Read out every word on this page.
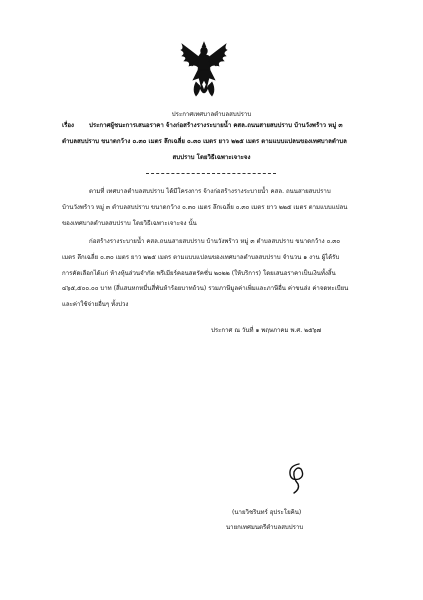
ประกาศเทศบาลตำบลสบปราบ
เรื่อง ประกาศผู้ชนะการเสนอราคา จ้างก่อสร้างรางระบายน้ำ คสล.ถนนสายสบปราบ บ้านวังพร้าว หมู่ ๓
ตำบลสบปราบ ขนาดกว้าง ๐.๓๐ เมตร ลึกเฉลี่ย ๐.๓๐ เมตร ยาว ๒๒๕ เมตร ตามแบบแปลนของเทศบาลตำบล
สบปราบ โดยวิธีเฉพาะเจาะจง
ตามที่ เทศบาลตำบลสบปราบ ได้มีโครงการ จ้างก่อสร้างรางระบายน้ำ คสล. ถนนสายสบปราบ
บ้านวังพร้าว หมู่ ๓ ตำบลสบปราบ ขนาดกว้าง ๐.๓๐ เมตร ลึกเฉลี่ย ๐.๓๐ เมตร ยาว ๒๒๕ เมตร ตามแบบแปลน
ของเทศบาลตำบลสบปราบ โดยวิธีเฉพาะเจาะจง นั้น
ก่อสร้างรางระบายน้ำ คสล.ถนนสายสบปราบ บ้านวังพร้าว หมู่ ๓ ตำบลสบปราบ ขนาดกว้าง ๐.๓๐
เมตร ลึกเฉลี่ย ๐.๓๐ เมตร ยาว ๒๒๕ เมตร ตามแบบแปลนของเทศบาลตำบลสบปราบ จำนวน ๑ งาน ผู้ได้รับ
การคัดเลือกได้แก่ ห้างหุ้นส่วนจำกัด พรีเมียร์คอนสตรัคชั่น ๒๐๒๒ (ให้บริการ) โดยเสนอราคาเป็นเงินทั้งสิ้น
๔๖๕,๕๐๐.๐๐ บาท (สี่แสนหกหมื่นสี่พันห้าร้อยบาทถ้วน) รวมภาษีมูลค่าเพิ่มและภาษีอื่น ค่าขนส่ง ค่าจดทะเบียน
และค่าใช้จ่ายอื่นๆ ทั้งปวง
ประกาศ ณ วันที่ ๑ พฤษภาคม พ.ศ. ๒๕๖๗
(นายวิชรินทร์ อุประโยคิน)
นายกเทศมนตรีตำบลสบปราบ
